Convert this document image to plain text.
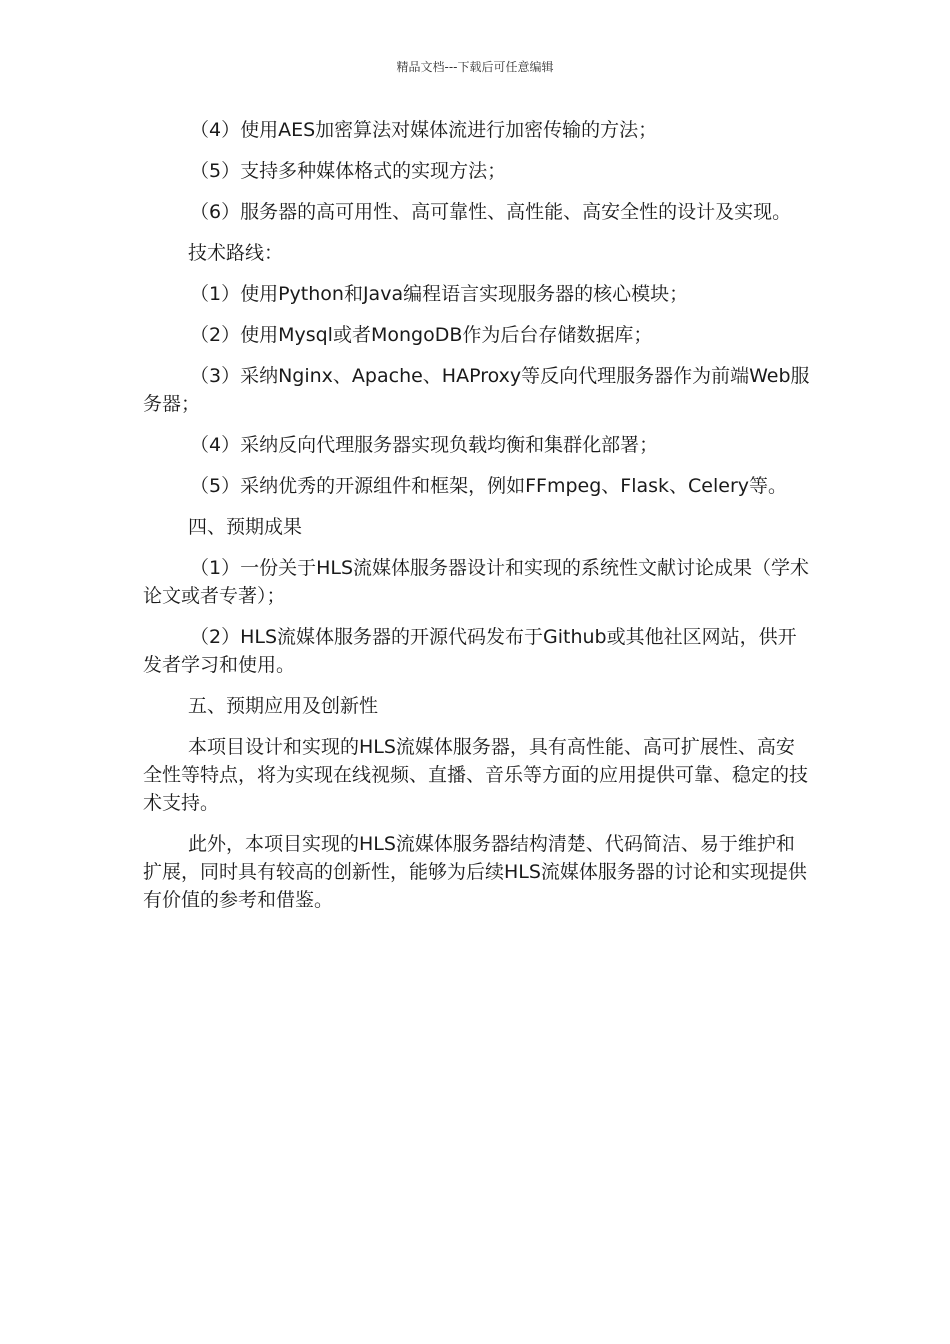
精品文档---下载后可任意编辑

（4）使用AES加密算法对媒体流进行加密传输的方法；

（5）支持多种媒体格式的实现方法；

（6）服务器的高可用性、高可靠性、高性能、高安全性的设计及实现。

技术路线：

（1）使用Python和Java编程语言实现服务器的核心模块；

（2）使用Mysql或者MongoDB作为后台存储数据库；

（3）采纳Nginx、Apache、HAProxy等反向代理服务器作为前端Web服务器；

（4）采纳反向代理服务器实现负载均衡和集群化部署；

（5）采纳优秀的开源组件和框架，例如FFmpeg、Flask、Celery等。

四、预期成果

（1）一份关于HLS流媒体服务器设计和实现的系统性文献讨论成果（学术论文或者专著）；

（2）HLS流媒体服务器的开源代码发布于Github或其他社区网站，供开发者学习和使用。

五、预期应用及创新性

本项目设计和实现的HLS流媒体服务器，具有高性能、高可扩展性、高安全性等特点，将为实现在线视频、直播、音乐等方面的应用提供可靠、稳定的技术支持。

此外，本项目实现的HLS流媒体服务器结构清楚、代码简洁、易于维护和扩展，同时具有较高的创新性，能够为后续HLS流媒体服务器的讨论和实现提供有价值的参考和借鉴。
